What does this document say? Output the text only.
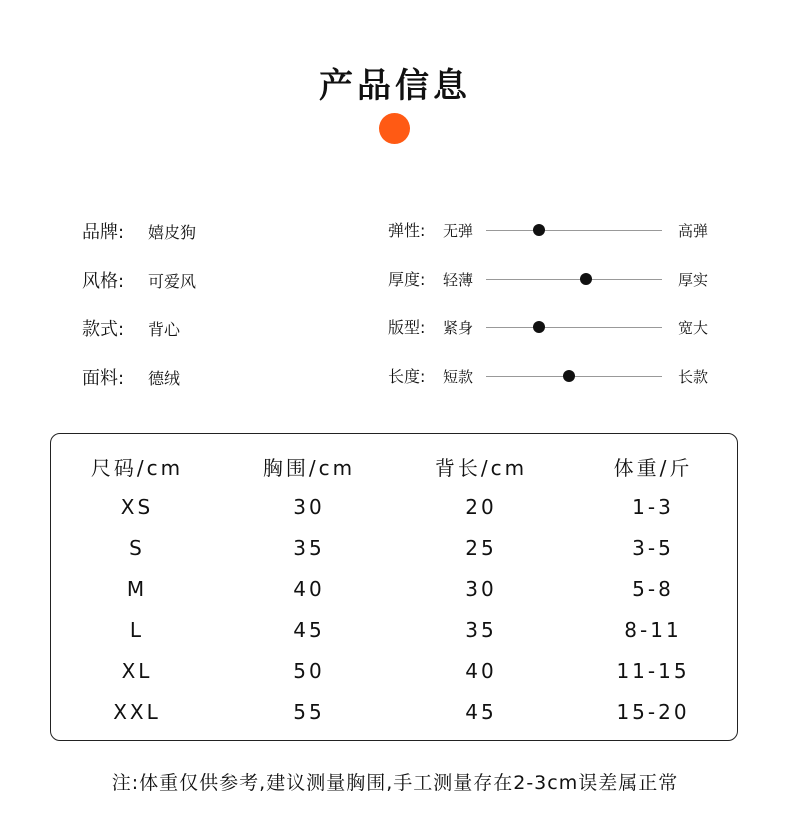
产品信息
品牌:	嬉皮狗
风格:	可爱风
款式:	背心
面料:	德绒
弹性: 无弹	高弹
厚度: 轻薄	厚实
版型: 紧身	宽大
长度: 短款	长款
尺码/cm	胸围/cm	背长/cm	体重/斤
XS	30	20	1-3
S	35	25	3-5
M	40	30	5-8
L	45	35	8-11
XL	50	40	11-15
XXL	55	45	15-20
注:体重仅供参考,建议测量胸围,手工测量存在2-3cm误差属正常
